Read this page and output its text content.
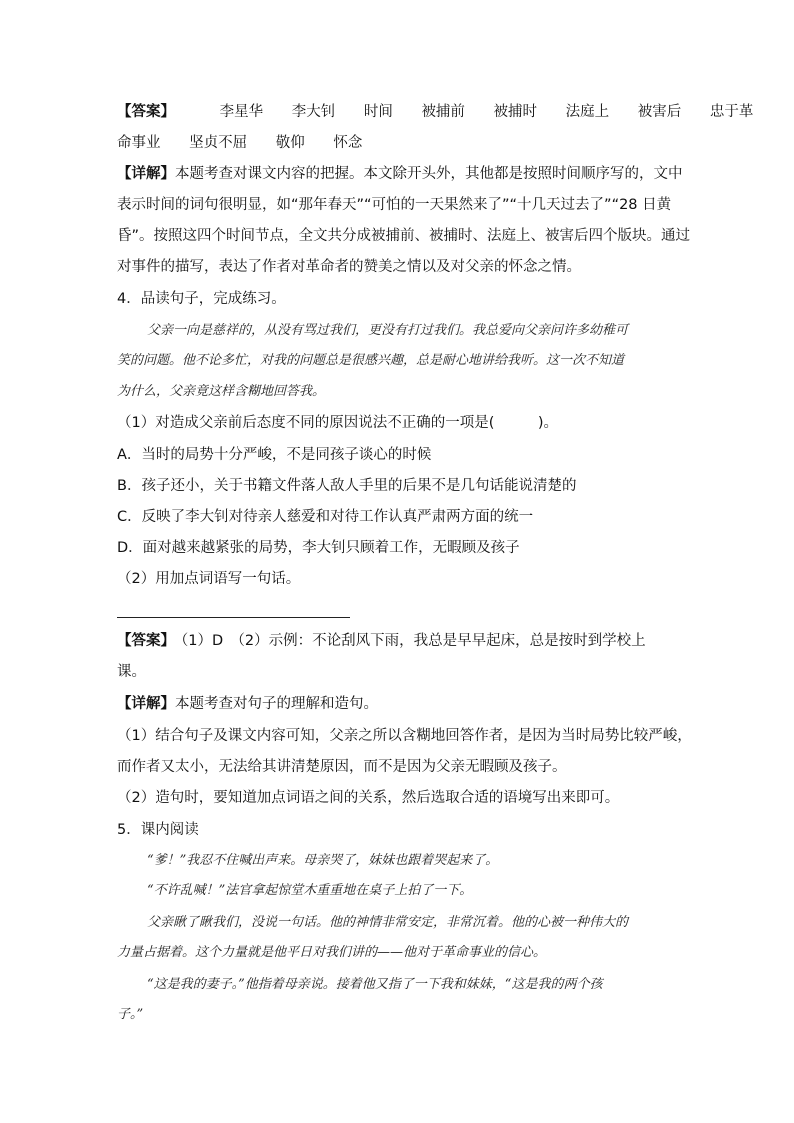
【答案】	李星华 李大钊 时间 被捕前 被捕时 法庭上 被害后 忠于革
命事业 坚贞不屈 敬仰 怀念
【详解】本题考查对课文内容的把握。本文除开头外，其他都是按照时间顺序写的，文中
表示时间的词句很明显，如“那年春天”“可怕的一天果然来了”“十几天过去了”“28 日黄
昏”。按照这四个时间节点，全文共分成被捕前、被捕时、法庭上、被害后四个版块。通过
对事件的描写，表达了作者对革命者的赞美之情以及对父亲的怀念之情。
4．品读句子，完成练习。
父亲一向是慈祥的，从没有骂过我们，更没有打过我们。我总爱向父亲问许多幼稚可
笑的问题。他不论多忙，对我的问题总是很感兴趣，总是耐心地讲给我听。这一次不知道
为什么，父亲竟这样含糊地回答我。
（1）对造成父亲前后态度不同的原因说法不正确的一项是(　　　)。
A．当时的局势十分严峻，不是同孩子谈心的时候
B．孩子还小，关于书籍文件落人敌人手里的后果不是几句话能说清楚的
C．反映了李大钊对待亲人慈爱和对待工作认真严肃两方面的统一
D．面对越来越紧张的局势，李大钊只顾着工作，无暇顾及孩子
（2）用加点词语写一句话。
【答案】 （1）D　（2）示例：不论刮风下雨，我总是早早起床，总是按时到学校上
课。
【详解】本题考查对句子的理解和造句。
（1）结合句子及课文内容可知，父亲之所以含糊地回答作者，是因为当时局势比较严峻，
而作者又太小，无法给其讲清楚原因，而不是因为父亲无暇顾及孩子。
（2）造句时，要知道加点词语之间的关系，然后选取合适的语境写出来即可。
5．课内阅读
“爹！”我忍不住喊出声来。母亲哭了，妹妹也跟着哭起来了。
“不许乱喊！”法官拿起惊堂木重重地在桌子上拍了一下。
父亲瞅了瞅我们，没说一句话。他的神情非常安定，非常沉着。他的心被一种伟大的
力量占据着。这个力量就是他平日对我们讲的——他对于革命事业的信心。
“这是我的妻子。”他指着母亲说。接着他又指了一下我和妹妹，“这是我的两个孩
子。”
